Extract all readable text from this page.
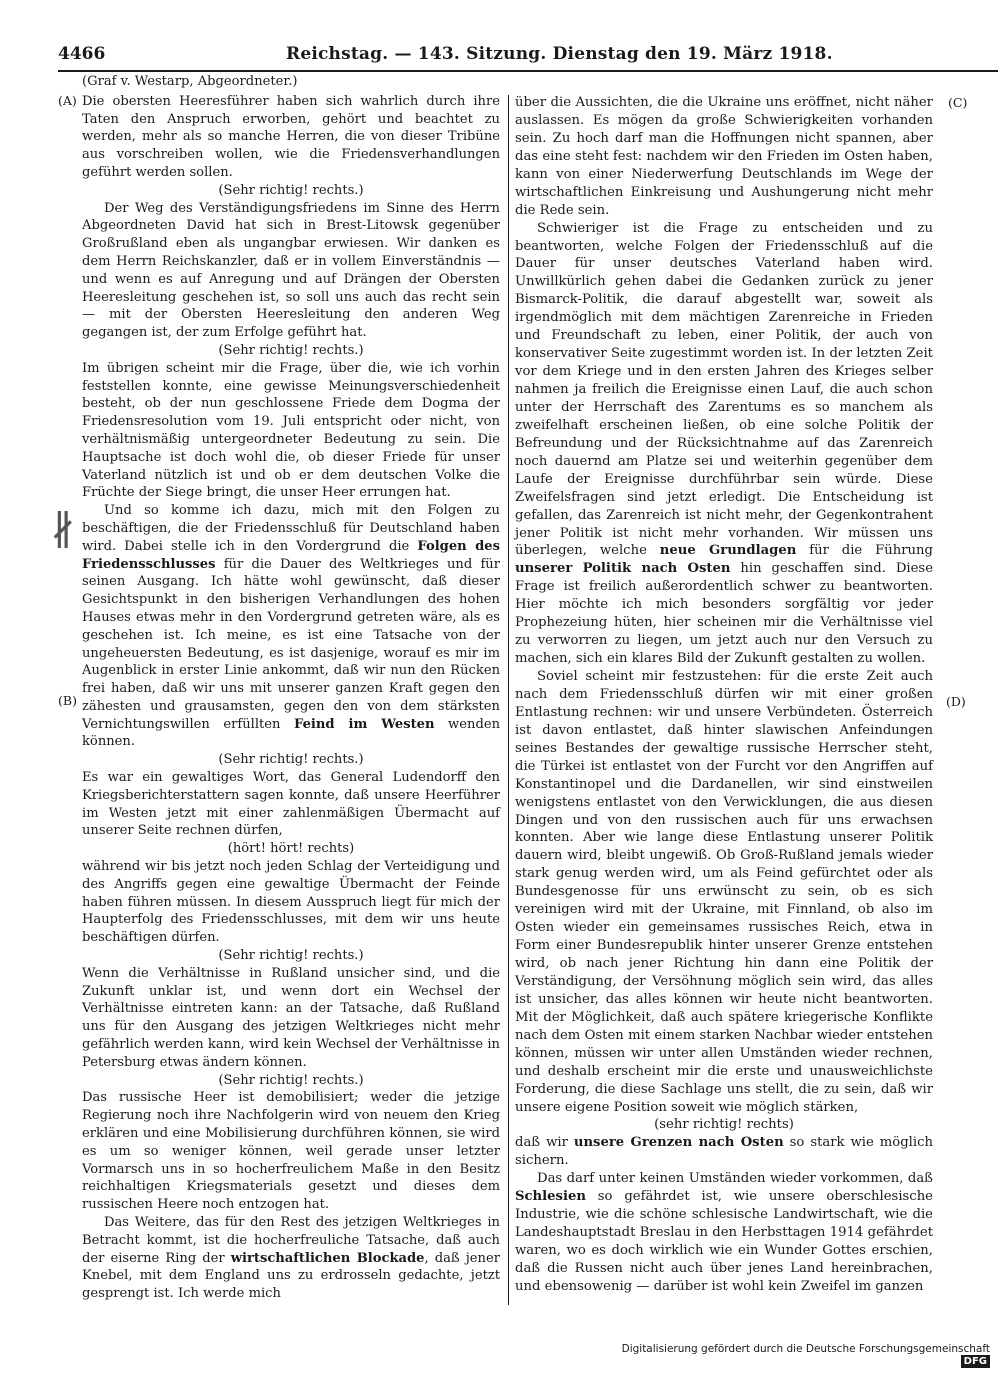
4466	Reichstag. — 143. Sitzung. Dienstag den 19. März 1918.
(A)
(B)
(C)
(D)
∦

(Graf v. Westarp, Abgeordneter.)

Die obersten Heeresführer haben sich wahrlich durch ihre Taten den Anspruch erworben, gehört und beachtet zu werden, mehr als so manche Herren, die von dieser Tribüne aus vorschreiben wollen, wie die Friedensverhandlungen geführt werden sollen.

(Sehr richtig! rechts.)

Der Weg des Verständigungsfriedens im Sinne des Herrn Abgeordneten David hat sich in Brest-Litowsk gegenüber Großrußland eben als ungangbar erwiesen. Wir danken es dem Herrn Reichskanzler, daß er in vollem Einverständnis — und wenn es auf Anregung und auf Drängen der Obersten Heeresleitung geschehen ist, so soll uns auch das recht sein — mit der Obersten Heeresleitung den anderen Weg gegangen ist, der zum Erfolge geführt hat.

(Sehr richtig! rechts.)

Im übrigen scheint mir die Frage, über die, wie ich vorhin feststellen konnte, eine gewisse Meinungsverschiedenheit besteht, ob der nun geschlossene Friede dem Dogma der Friedensresolution vom 19. Juli entspricht oder nicht, von verhältnismäßig untergeordneter Bedeutung zu sein. Die Hauptsache ist doch wohl die, ob dieser Friede für unser Vaterland nützlich ist und ob er dem deutschen Volke die Früchte der Siege bringt, die unser Heer errungen hat.

Und so komme ich dazu, mich mit den Folgen zu beschäftigen, die der Friedensschluß für Deutschland haben wird. Dabei stelle ich in den Vordergrund die Folgen des Friedensschlusses für die Dauer des Weltkrieges und für seinen Ausgang. Ich hätte wohl gewünscht, daß dieser Gesichtspunkt in den bisherigen Verhandlungen des hohen Hauses etwas mehr in den Vordergrund getreten wäre, als es geschehen ist. Ich meine, es ist eine Tatsache von der ungeheuersten Bedeutung, es ist dasjenige, worauf es mir im Augenblick in erster Linie ankommt, daß wir nun den Rücken frei haben, daß wir uns mit unserer ganzen Kraft gegen den zähesten und grausamsten, gegen den von dem stärksten Vernichtungswillen erfüllten Feind im Westen wenden können.

(Sehr richtig! rechts.)

Es war ein gewaltiges Wort, das General Ludendorff den Kriegsberichterstattern sagen konnte, daß unsere Heerführer im Westen jetzt mit einer zahlenmäßigen Übermacht auf unserer Seite rechnen dürfen,

(hört! hört! rechts)

während wir bis jetzt noch jeden Schlag der Verteidigung und des Angriffs gegen eine gewaltige Übermacht der Feinde haben führen müssen. In diesem Ausspruch liegt für mich der Haupterfolg des Friedensschlusses, mit dem wir uns heute beschäftigen dürfen.

(Sehr richtig! rechts.)

Wenn die Verhältnisse in Rußland unsicher sind, und die Zukunft unklar ist, und wenn dort ein Wechsel der Verhältnisse eintreten kann: an der Tatsache, daß Rußland uns für den Ausgang des jetzigen Weltkrieges nicht mehr gefährlich werden kann, wird kein Wechsel der Verhältnisse in Petersburg etwas ändern können.

(Sehr richtig! rechts.)

Das russische Heer ist demobilisiert; weder die jetzige Regierung noch ihre Nachfolgerin wird von neuem den Krieg erklären und eine Mobilisierung durchführen können, sie wird es um so weniger können, weil gerade unser letzter Vormarsch uns in so hocherfreulichem Maße in den Besitz reichhaltigen Kriegsmaterials gesetzt und dieses dem russischen Heere noch entzogen hat.

Das Weitere, das für den Rest des jetzigen Weltkrieges in Betracht kommt, ist die hocherfreuliche Tatsache, daß auch der eiserne Ring der wirtschaftlichen Blockade, daß jener Knebel, mit dem England uns zu erdrosseln gedachte, jetzt gesprengt ist. Ich werde mich

über die Aussichten, die die Ukraine uns eröffnet, nicht näher auslassen. Es mögen da große Schwierigkeiten vorhanden sein. Zu hoch darf man die Hoffnungen nicht spannen, aber das eine steht fest: nachdem wir den Frieden im Osten haben, kann von einer Niederwerfung Deutschlands im Wege der wirtschaftlichen Einkreisung und Aushungerung nicht mehr die Rede sein.

Schwieriger ist die Frage zu entscheiden und zu beantworten, welche Folgen der Friedensschluß auf die Dauer für unser deutsches Vaterland haben wird. Unwillkürlich gehen dabei die Gedanken zurück zu jener Bismarck-Politik, die darauf abgestellt war, soweit als irgendmöglich mit dem mächtigen Zarenreiche in Frieden und Freundschaft zu leben, einer Politik, der auch von konservativer Seite zugestimmt worden ist. In der letzten Zeit vor dem Kriege und in den ersten Jahren des Krieges selber nahmen ja freilich die Ereignisse einen Lauf, die auch schon unter der Herrschaft des Zarentums es so manchem als zweifelhaft erscheinen ließen, ob eine solche Politik der Befreundung und der Rücksichtnahme auf das Zarenreich noch dauernd am Platze sei und weiterhin gegenüber dem Laufe der Ereignisse durchführbar sein würde. Diese Zweifelsfragen sind jetzt erledigt. Die Entscheidung ist gefallen, das Zarenreich ist nicht mehr, der Gegenkontrahent jener Politik ist nicht mehr vorhanden. Wir müssen uns überlegen, welche neue Grundlagen für die Führung unserer Politik nach Osten hin geschaffen sind. Diese Frage ist freilich außerordentlich schwer zu beantworten. Hier möchte ich mich besonders sorgfältig vor jeder Prophezeiung hüten, hier scheinen mir die Verhältnisse viel zu verworren zu liegen, um jetzt auch nur den Versuch zu machen, sich ein klares Bild der Zukunft gestalten zu wollen.

Soviel scheint mir festzustehen: für die erste Zeit auch nach dem Friedensschluß dürfen wir mit einer großen Entlastung rechnen: wir und unsere Verbündeten. Österreich ist davon entlastet, daß hinter slawischen Anfeindungen seines Bestandes der gewaltige russische Herrscher steht, die Türkei ist entlastet von der Furcht vor den Angriffen auf Konstantinopel und die Dardanellen, wir sind einstweilen wenigstens entlastet von den Verwicklungen, die aus diesen Dingen und von den russischen auch für uns erwachsen konnten. Aber wie lange diese Entlastung unserer Politik dauern wird, bleibt ungewiß. Ob Groß-Rußland jemals wieder stark genug werden wird, um als Feind gefürchtet oder als Bundesgenosse für uns erwünscht zu sein, ob es sich vereinigen wird mit der Ukraine, mit Finnland, ob also im Osten wieder ein gemeinsames russisches Reich, etwa in Form einer Bundesrepublik hinter unserer Grenze entstehen wird, ob nach jener Richtung hin dann eine Politik der Verständigung, der Versöhnung möglich sein wird, das alles ist unsicher, das alles können wir heute nicht beantworten. Mit der Möglichkeit, daß auch spätere kriegerische Konflikte nach dem Osten mit einem starken Nachbar wieder entstehen können, müssen wir unter allen Umständen wieder rechnen, und deshalb erscheint mir die erste und unausweichlichste Forderung, die diese Sachlage uns stellt, die zu sein, daß wir unsere eigene Position soweit wie möglich stärken,

(sehr richtig! rechts)

daß wir unsere Grenzen nach Osten so stark wie möglich sichern.

Das darf unter keinen Umständen wieder vorkommen, daß Schlesien so gefährdet ist, wie unsere oberschlesische Industrie, wie die schöne schlesische Landwirtschaft, wie die Landeshauptstadt Breslau in den Herbsttagen 1914 gefährdet waren, wo es doch wirklich wie ein Wunder Gottes erschien, daß die Russen nicht auch über jenes Land hereinbrachen, und ebensowenig — darüber ist wohl kein Zweifel im ganzen

Digitalisierung gefördert durch die Deutsche ForschungsgemeinschaftDFG
